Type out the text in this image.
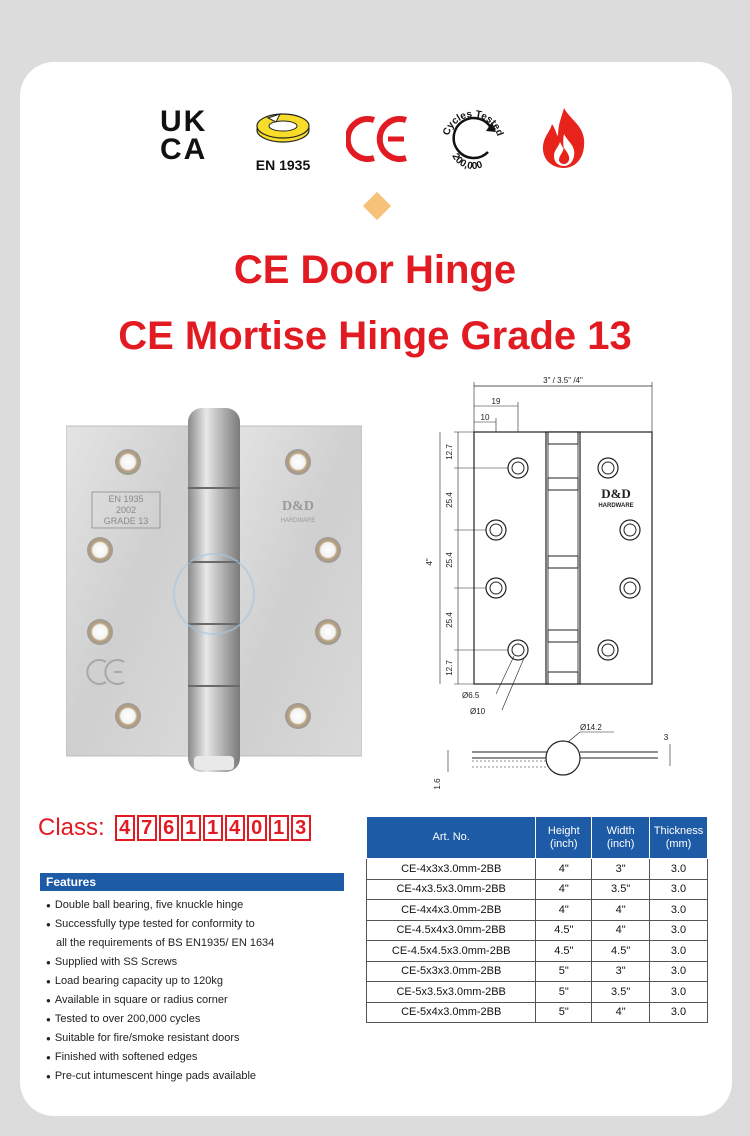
UK
CA	EN 1935
Cycles Tested
200,000
CE Door Hinge
CE Mortise Hinge Grade 13
EN 1935
2002
GRADE 13
D&D
HARDWARE
3" / 3.5" /4"
19
10
D&D
HARDWARE
4"
12.7
25.4
25.4
25.4
12.7
Ø6.5
Ø10
Ø14.2
3
1.6
Class: 4 7 6 1 1 4 0 1 3
Features
● Double ball bearing, five knuckle hinge
● Successfully type tested for conformity to
all the requirements of BS EN1935/ EN 1634
● Supplied with SS Screws
● Load bearing capacity up to 120kg
● Available in square or radius corner
● Tested to over 200,000 cycles
● Suitable for fire/smoke resistant doors
● Finished with softened edges
● Pre-cut intumescent hinge pads available
Art. No.	Height (inch)	Width (inch)	Thickness (mm)
CE-4x3x3.0mm-2BB	4"	3"	3.0
CE-4x3.5x3.0mm-2BB	4"	3.5"	3.0
CE-4x4x3.0mm-2BB	4"	4"	3.0
CE-4.5x4x3.0mm-2BB	4.5"	4"	3.0
CE-4.5x4.5x3.0mm-2BB	4.5"	4.5"	3.0
CE-5x3x3.0mm-2BB	5"	3"	3.0
CE-5x3.5x3.0mm-2BB	5"	3.5"	3.0
CE-5x4x3.0mm-2BB	5"	4"	3.0
